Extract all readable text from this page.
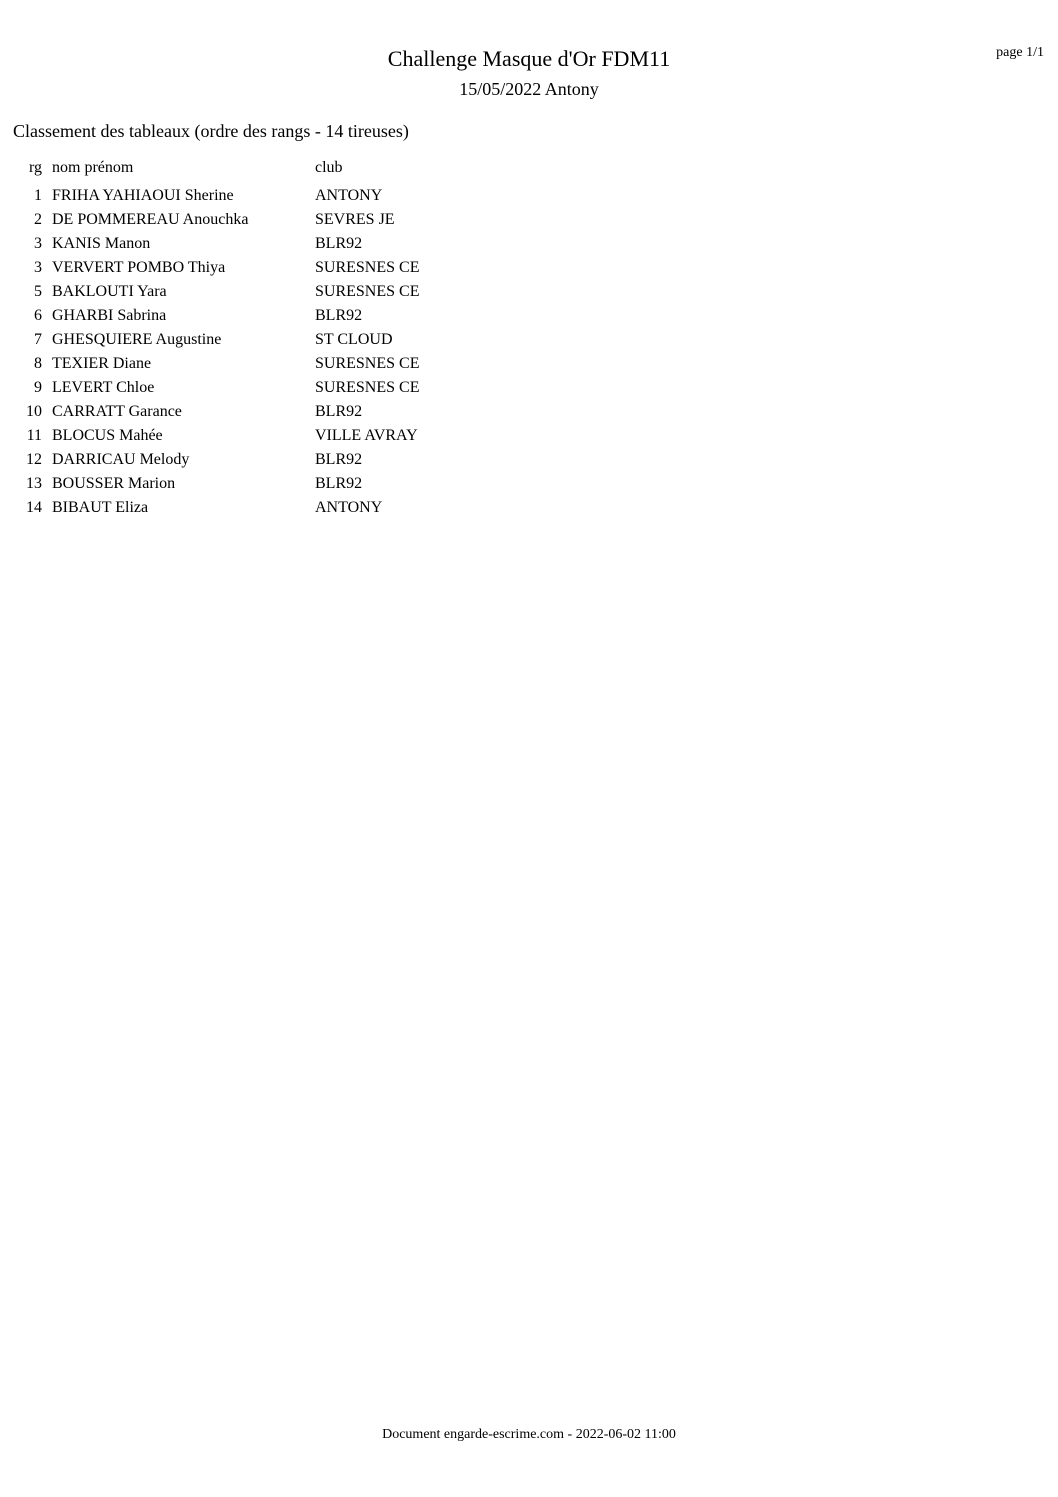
Challenge Masque d'Or FDM11
15/05/2022 Antony
page 1/1
Classement des tableaux (ordre des rangs - 14 tireuses)
rg	nom prénom	club
1	FRIHA YAHIAOUI Sherine	ANTONY
2	DE POMMEREAU Anouchka	SEVRES JE
3	KANIS Manon	BLR92
3	VERVERT POMBO Thiya	SURESNES CE
5	BAKLOUTI Yara	SURESNES CE
6	GHARBI Sabrina	BLR92
7	GHESQUIERE Augustine	ST CLOUD
8	TEXIER Diane	SURESNES CE
9	LEVERT Chloe	SURESNES CE
10	CARRATT Garance	BLR92
11	BLOCUS Mahée	VILLE AVRAY
12	DARRICAU Melody	BLR92
13	BOUSSER Marion	BLR92
14	BIBAUT Eliza	ANTONY
Document engarde-escrime.com - 2022-06-02 11:00
